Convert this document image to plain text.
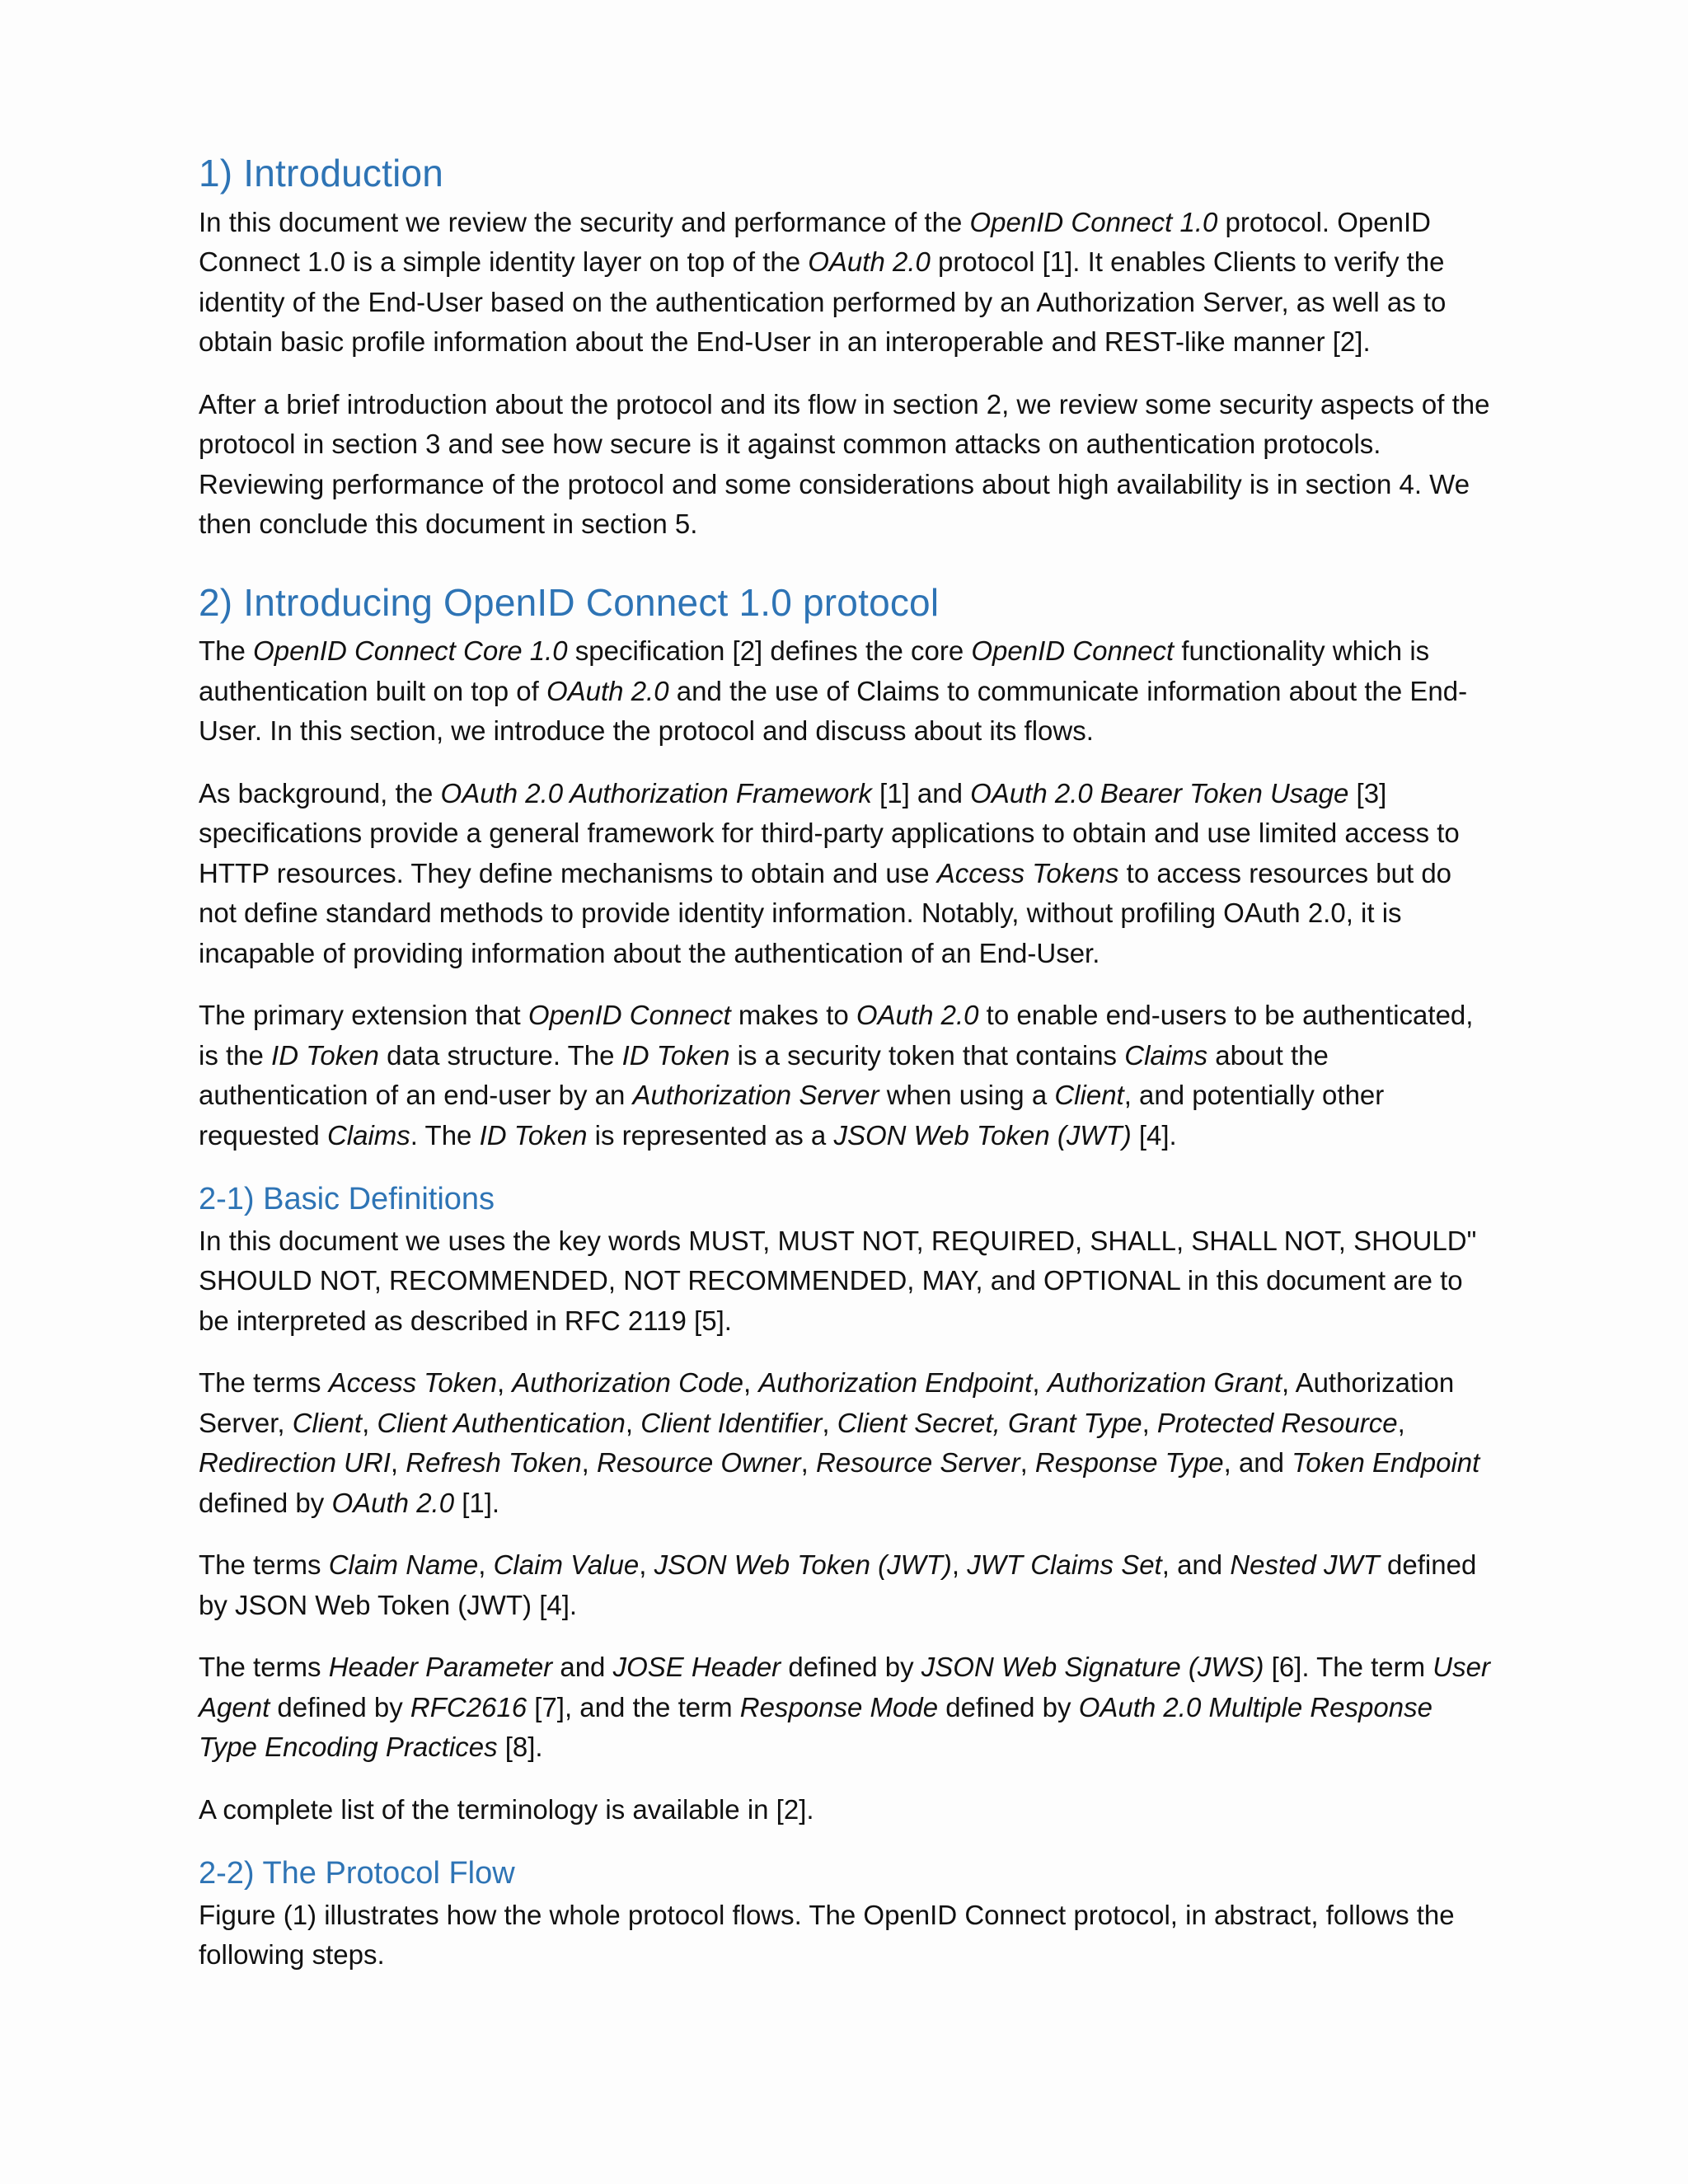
1) Introduction

In this document we review the security and performance of the OpenID Connect 1.0 protocol. OpenID Connect 1.0 is a simple identity layer on top of the OAuth 2.0 protocol [1]. It enables Clients to verify the identity of the End-User based on the authentication performed by an Authorization Server, as well as to obtain basic profile information about the End-User in an interoperable and REST-like manner [2].

After a brief introduction about the protocol and its flow in section 2, we review some security aspects of the protocol in section 3 and see how secure is it against common attacks on authentication protocols. Reviewing performance of the protocol and some considerations about high availability is in section 4. We then conclude this document in section 5.

2) Introducing OpenID Connect 1.0 protocol

The OpenID Connect Core 1.0 specification [2] defines the core OpenID Connect functionality which is authentication built on top of OAuth 2.0 and the use of Claims to communicate information about the End-User. In this section, we introduce the protocol and discuss about its flows.

As background, the OAuth 2.0 Authorization Framework [1] and OAuth 2.0 Bearer Token Usage [3] specifications provide a general framework for third-party applications to obtain and use limited access to HTTP resources. They define mechanisms to obtain and use Access Tokens to access resources but do not define standard methods to provide identity information. Notably, without profiling OAuth 2.0, it is incapable of providing information about the authentication of an End-User.

The primary extension that OpenID Connect makes to OAuth 2.0 to enable end-users to be authenticated, is the ID Token data structure. The ID Token is a security token that contains Claims about the authentication of an end-user by an Authorization Server when using a Client, and potentially other requested Claims. The ID Token is represented as a JSON Web Token (JWT) [4].

2-1) Basic Definitions

In this document we uses the key words MUST, MUST NOT, REQUIRED, SHALL, SHALL NOT, SHOULD" SHOULD NOT, RECOMMENDED, NOT RECOMMENDED, MAY, and OPTIONAL in this document are to be interpreted as described in RFC 2119 [5].

The terms Access Token, Authorization Code, Authorization Endpoint, Authorization Grant, Authorization Server, Client, Client Authentication, Client Identifier, Client Secret, Grant Type, Protected Resource, Redirection URI, Refresh Token, Resource Owner, Resource Server, Response Type, and Token Endpoint defined by OAuth 2.0 [1].

The terms Claim Name, Claim Value, JSON Web Token (JWT), JWT Claims Set, and Nested JWT defined by JSON Web Token (JWT) [4].

The terms Header Parameter and JOSE Header defined by JSON Web Signature (JWS) [6]. The term User Agent defined by RFC2616 [7], and the term Response Mode defined by OAuth 2.0 Multiple Response Type Encoding Practices [8].

A complete list of the terminology is available in [2].

2-2) The Protocol Flow

Figure (1) illustrates how the whole protocol flows. The OpenID Connect protocol, in abstract, follows the following steps.
